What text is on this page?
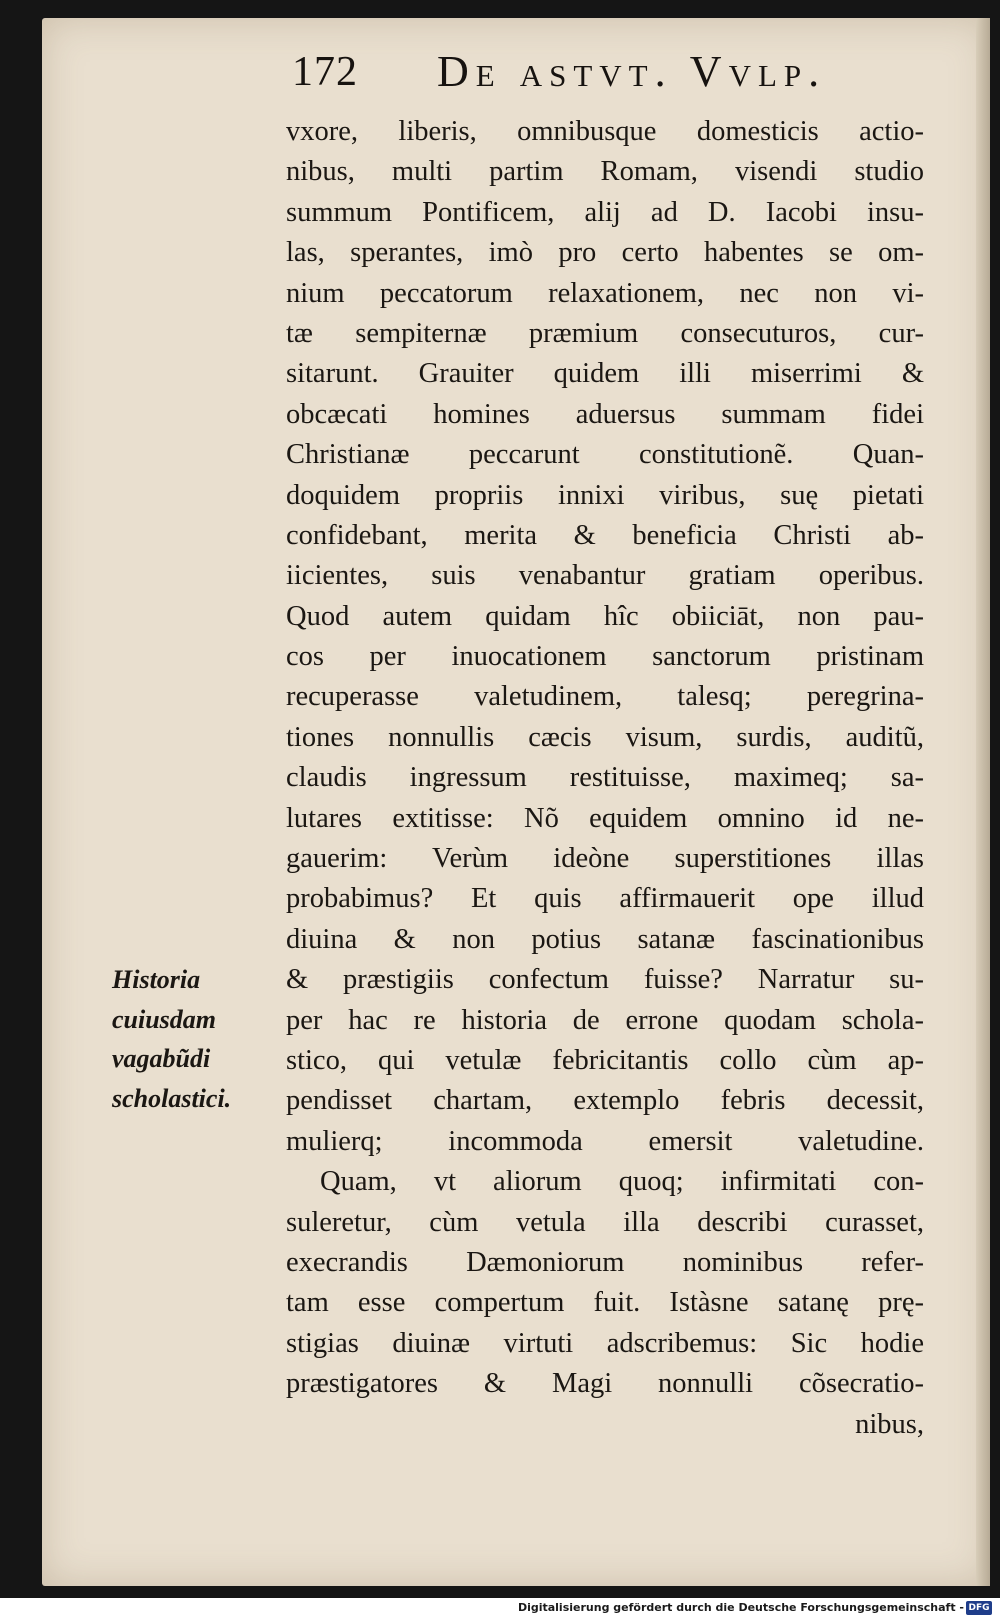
172 De astvt. Vvlp.
vxore, liberis, omnibusque domesticis actio-
nibus, multi partim Romam, visendi studio
summum Pontificem, alij ad D. Iacobi insu-
las, sperantes, imò pro certo habentes se om-
nium peccatorum relaxationem, nec non vi-
tæ sempiternæ præmium consecuturos, cur-
sitarunt. Grauiter quidem illi miserrimi &
obcæcati homines aduersus summam fidei
Christianæ peccarunt constitutionẽ. Quan-
doquidem propriis innixi viribus, suę pietati
confidebant, merita & beneficia Christi ab-
iicientes, suis venabantur gratiam operibus.
Quod autem quidam hîc obiiciāt, non pau-
cos per inuocationem sanctorum pristinam
recuperasse valetudinem, talesq; peregrina-
tiones nonnullis cæcis visum, surdis, auditũ,
claudis ingressum restituisse, maximeq; sa-
lutares extitisse: Nõ equidem omnino id ne-
gauerim: Verùm ideòne superstitiones illas
probabimus? Et quis affirmauerit ope illud
diuina & non potius satanæ fascinationibus
& præstigiis confectum fuisse? Narratur su-
per hac re historia de errone quodam schola-
stico, qui vetulæ febricitantis collo cùm ap-
pendisset chartam, extemplo febris decessit,
mulierq; incommoda emersit valetudine.
Quam, vt aliorum quoq; infirmitati con-
suleretur, cùm vetula illa describi curasset,
execrandis Dæmoniorum nominibus refer-
tam esse compertum fuit. Istàsne satanę prę-
stigias diuinæ virtuti adscribemus: Sic hodie
præstigatores & Magi nonnulli cõsecratio-
nibus,
Historia
cuiusdam
vagabũdi
scholastici.
Digitalisierung gefördert durch die Deutsche Forschungsgemeinschaft - DFG
